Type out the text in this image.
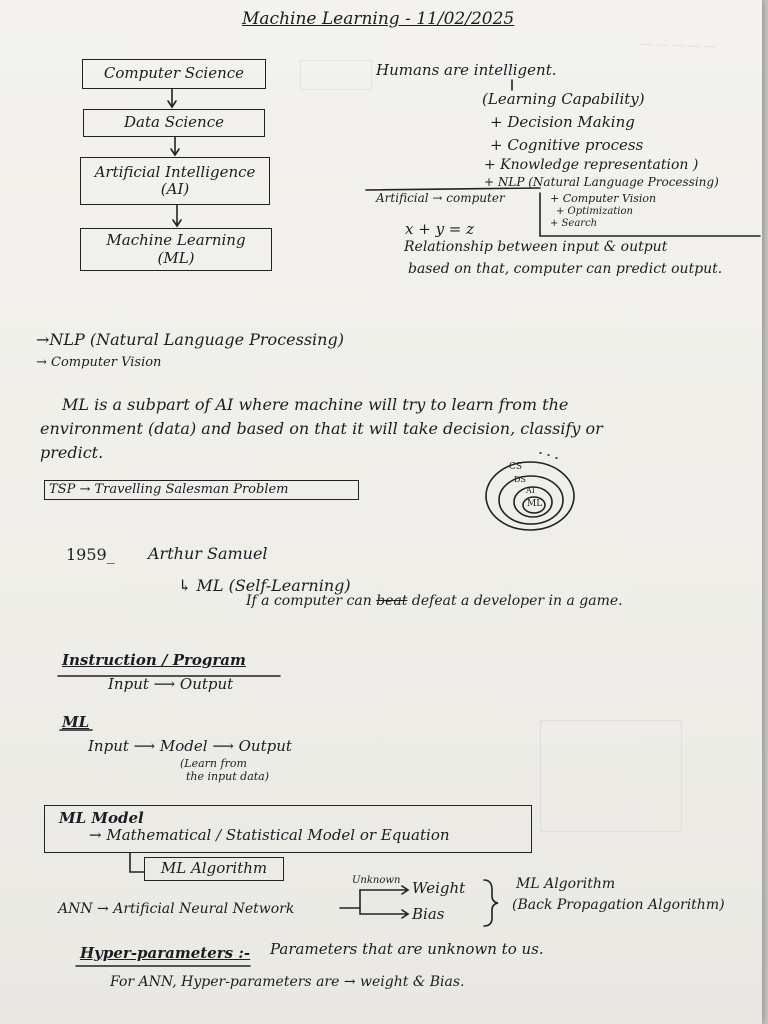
— — — — —
Machine Learning - 11/02/2025
Computer Science
Data Science
Artificial Intelligence
(AI)
Machine Learning
(ML)
Humans are intelligent.
(Learning Capability)
+ Decision Making
+ Cognitive process
+ Knowledge representation )
+ NLP (Natural Language Processing)
Artificial → computer	+ Computer Vision
+ Optimization
+ Search
x + y = z
Relationship between input & output
based on that, computer can predict output.
→NLP (Natural Language Processing)
→ Computer Vision
ML is a subpart of AI where machine will try to learn from the
environment (data) and based on that it will take decision, classify or
predict.
TSP → Travelling Salesman Problem
CS
DS
AI
ML
1959_ Arthur Samuel
↳ ML (Self-Learning)
If a computer can beat defeat a developer in a game.
Instruction / Program
Input ⟶ Output
ML
Input ⟶ Model ⟶ Output
(Learn from
the input data)
ML Model
→ Mathematical / Statistical Model or Equation
ML Algorithm
ANN → Artificial Neural Network
Unknown Weight
Bias
ML Algorithm
(Back Propagation Algorithm)
Hyper-parameters :- Parameters that are unknown to us.
For ANN, Hyper-parameters are → weight & Bias.
